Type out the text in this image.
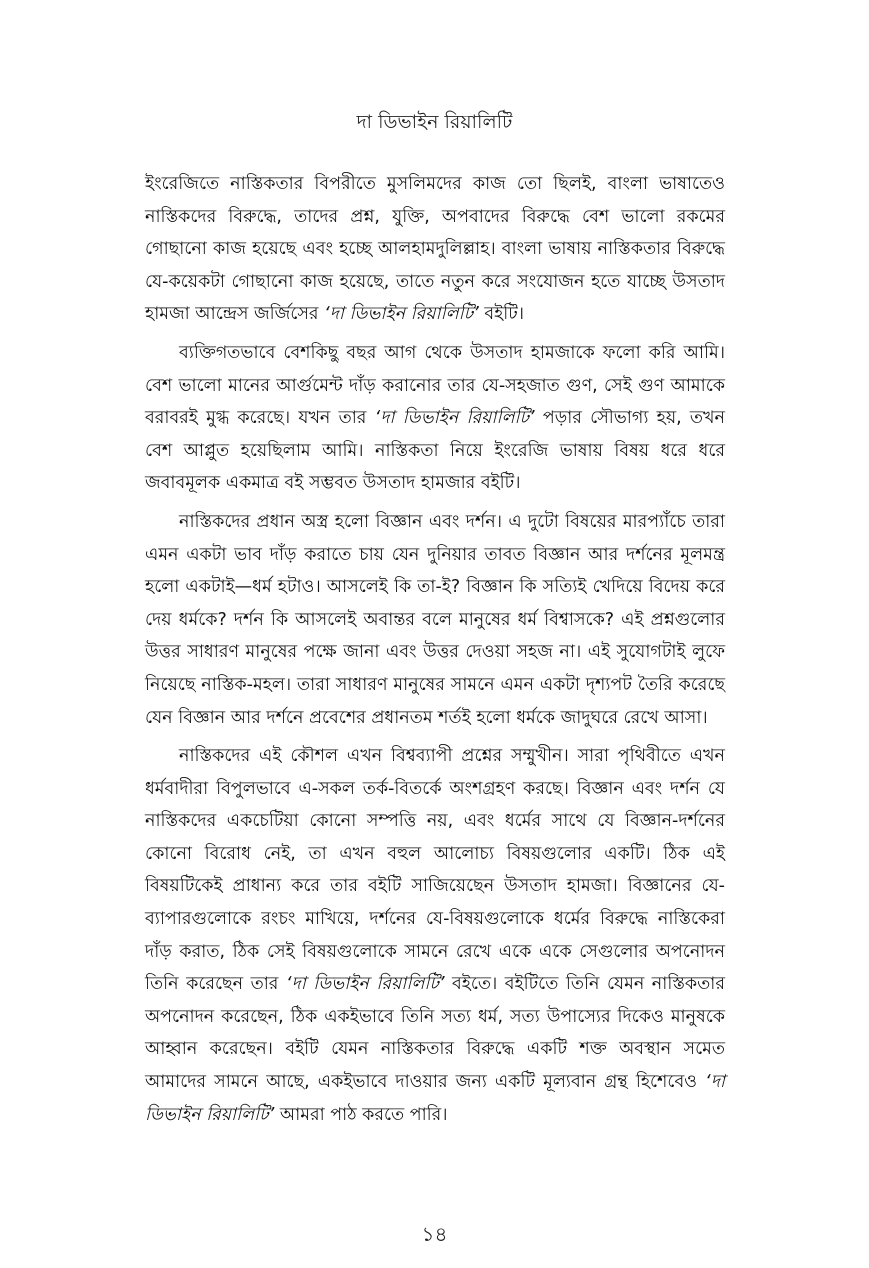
দা ডিভাইন রিয়ালিটি

ইংরেজিতে নাস্তিকতার বিপরীতে মুসলিমদের কাজ তো ছিলই, বাংলা ভাষাতেও নাস্তিকদের বিরুদ্ধে, তাদের প্রশ্ন, যুক্তি, অপবাদের বিরুদ্ধে বেশ ভালো রকমের গোছানো কাজ হয়েছে এবং হচ্ছে আলহামদুলিল্লাহ। বাংলা ভাষায় নাস্তিকতার বিরুদ্ধে যে-কয়েকটা গোছানো কাজ হয়েছে, তাতে নতুন করে সংযোজন হতে যাচ্ছে উসতাদ হামজা আন্দ্রেস জর্জিসের ‘দা ডিভাইন রিয়ালিটি’ বইটি।

ব্যক্তিগতভাবে বেশকিছু বছর আগ থেকে উসতাদ হামজাকে ফলো করি আমি। বেশ ভালো মানের আর্গুমেন্ট দাঁড় করানোর তার যে-সহজাত গুণ, সেই গুণ আমাকে বরাবরই মুগ্ধ করেছে। যখন তার ‘দা ডিভাইন রিয়ালিটি’ পড়ার সৌভাগ্য হয়, তখন বেশ আপ্লুত হয়েছিলাম আমি। নাস্তিকতা নিয়ে ইংরেজি ভাষায় বিষয় ধরে ধরে জবাবমূলক একমাত্র বই সম্ভবত উসতাদ হামজার বইটি।

নাস্তিকদের প্রধান অস্ত্র হলো বিজ্ঞান এবং দর্শন। এ দুটো বিষয়ের মারপ্যাঁচে তারা এমন একটা ভাব দাঁড় করাতে চায় যেন দুনিয়ার তাবত বিজ্ঞান আর দর্শনের মূলমন্ত্র হলো একটাই—ধর্ম হটাও। আসলেই কি তা-ই? বিজ্ঞান কি সত্যিই খেদিয়ে বিদেয় করে দেয় ধর্মকে? দর্শন কি আসলেই অবান্তর বলে মানুষের ধর্ম বিশ্বাসকে? এই প্রশ্নগুলোর উত্তর সাধারণ মানুষের পক্ষে জানা এবং উত্তর দেওয়া সহজ না। এই সুযোগটাই লুফে নিয়েছে নাস্তিক-মহল। তারা সাধারণ মানুষের সামনে এমন একটা দৃশ্যপট তৈরি করেছে যেন বিজ্ঞান আর দর্শনে প্রবেশের প্রধানতম শর্তই হলো ধর্মকে জাদুঘরে রেখে আসা।

নাস্তিকদের এই কৌশল এখন বিশ্বব্যাপী প্রশ্নের সম্মুখীন। সারা পৃথিবীতে এখন ধর্মবাদীরা বিপুলভাবে এ-সকল তর্ক-বিতর্কে অংশগ্রহণ করছে। বিজ্ঞান এবং দর্শন যে নাস্তিকদের একচেটিয়া কোনো সম্পত্তি নয়, এবং ধর্মের সাথে যে বিজ্ঞান-দর্শনের কোনো বিরোধ নেই, তা এখন বহুল আলোচ্য বিষয়গুলোর একটি। ঠিক এই বিষয়টিকেই প্রাধান্য করে তার বইটি সাজিয়েছেন উসতাদ হামজা। বিজ্ঞানের যে-ব্যাপারগুলোকে রংচং মাখিয়ে, দর্শনের যে-বিষয়গুলোকে ধর্মের বিরুদ্ধে নাস্তিকেরা দাঁড় করাত, ঠিক সেই বিষয়গুলোকে সামনে রেখে একে একে সেগুলোর অপনোদন তিনি করেছেন তার ‘দা ডিভাইন রিয়ালিটি’ বইতে। বইটিতে তিনি যেমন নাস্তিকতার অপনোদন করেছেন, ঠিক একইভাবে তিনি সত্য ধর্ম, সত্য উপাস্যের দিকেও মানুষকে আহ্বান করেছেন। বইটি যেমন নাস্তিকতার বিরুদ্ধে একটি শক্ত অবস্থান সমেত আমাদের সামনে আছে, একইভাবে দাওয়ার জন্য একটি মূল্যবান গ্রন্থ হিশেবেও ‘দা ডিভাইন রিয়ালিটি’ আমরা পাঠ করতে পারি।

১৪
